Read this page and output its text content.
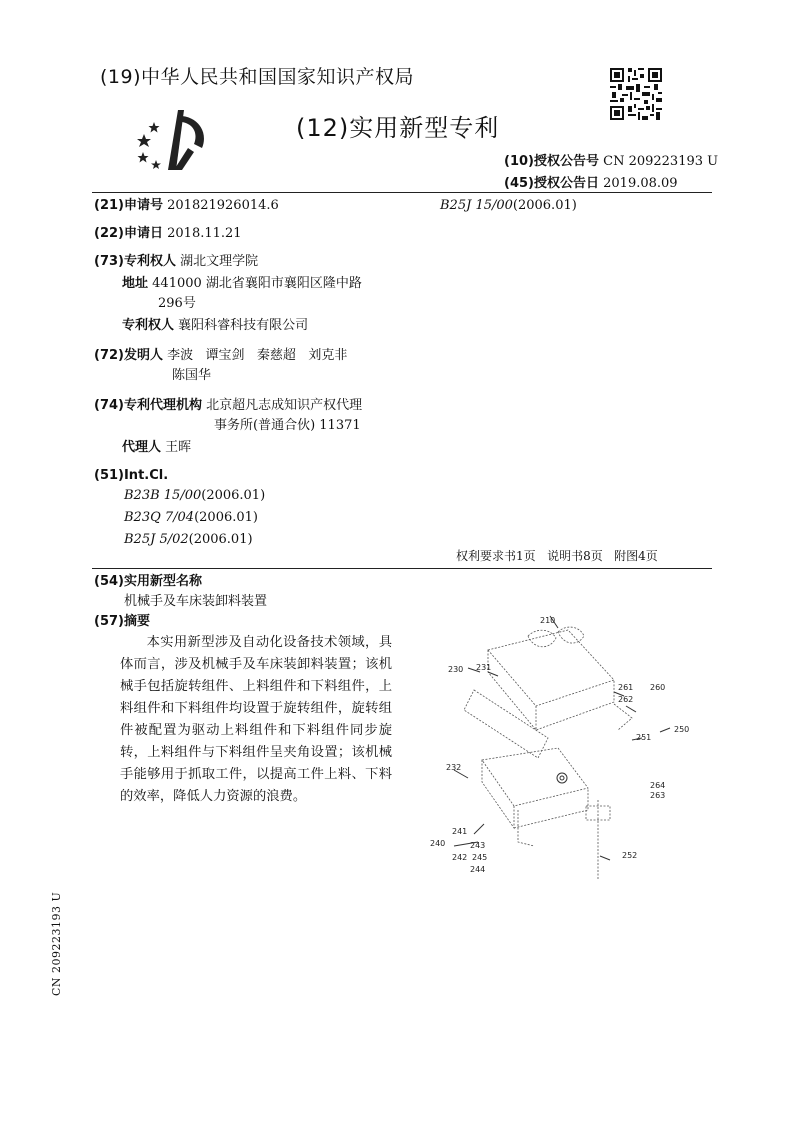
(19)中华人民共和国国家知识产权局
(12)实用新型专利
(10)授权公告号 CN 209223193 U
(45)授权公告日 2019.08.09
(21)申请号 201821926014.6	B25J 15/00(2006.01)
(22)申请日 2018.11.21
(73)专利权人 湖北文理学院
地址 441000 湖北省襄阳市襄阳区隆中路
296号
专利权人 襄阳科睿科技有限公司
(72)发明人 李波   谭宝剑   秦慈超   刘克非
陈国华
(74)专利代理机构 北京超凡志成知识产权代理
事务所(普通合伙) 11371
代理人 王晖
(51)Int.Cl.
B23B 15/00(2006.01)
B23Q 7/04(2006.01)
B25J 5/02(2006.01)
权利要求书1页   说明书8页   附图4页
(54)实用新型名称
机械手及车床装卸料装置
(57)摘要
本实用新型涉及自动化设备技术领域，具体而言，涉及机械手及车床装卸料装置；该机械手包括旋转组件、上料组件和下料组件，上料组件和下料组件均设置于旋转组件，旋转组件被配置为驱动上料组件和下料组件同步旋转，上料组件与下料组件呈夹角设置；该机械手能够用于抓取工件，以提高工件上料、下料的效率，降低人力资源的浪费。
210
230 231
261 260
262
250
251
232
264
263
241
240	243
242 245
244
252
CN 209223193 U
